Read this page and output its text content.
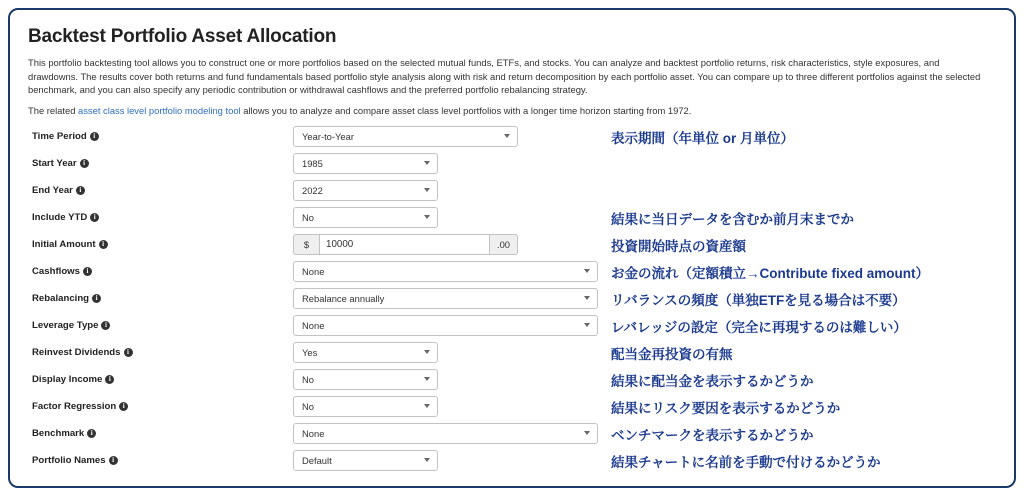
Backtest Portfolio Asset Allocation
This portfolio backtesting tool allows you to construct one or more portfolios based on the selected mutual funds, ETFs, and stocks. You can analyze and backtest portfolio returns, risk characteristics, style exposures, and drawdowns. The results cover both returns and fund fundamentals based portfolio style analysis along with risk and return decomposition by each portfolio asset. You can compare up to three different portfolios against the selected benchmark, and you can also specify any periodic contribution or withdrawal cashflows and the preferred portfolio rebalancing strategy.
The related asset class level portfolio modeling tool allows you to analyze and compare asset class level portfolios with a longer time horizon starting from 1972.
Time Period i	Year-to-Year	表示期間（年単位 or 月単位）
Start Year i	1985
End Year i	2022
Include YTD i	No	結果に当日データを含むか前月末までか
Initial Amount i	$	10000	.00	投資開始時点の資産額
Cashflows i	None	お金の流れ（定額積立→Contribute fixed amount）
Rebalancing i	Rebalance annually	リバランスの頻度（単独ETFを見る場合は不要）
Leverage Type i	None	レバレッジの設定（完全に再現するのは難しい）
Reinvest Dividends i	Yes	配当金再投資の有無
Display Income i	No	結果に配当金を表示するかどうか
Factor Regression i	No	結果にリスク要因を表示するかどうか
Benchmark i	None	ベンチマークを表示するかどうか
Portfolio Names i	Default	結果チャートに名前を手動で付けるかどうか
